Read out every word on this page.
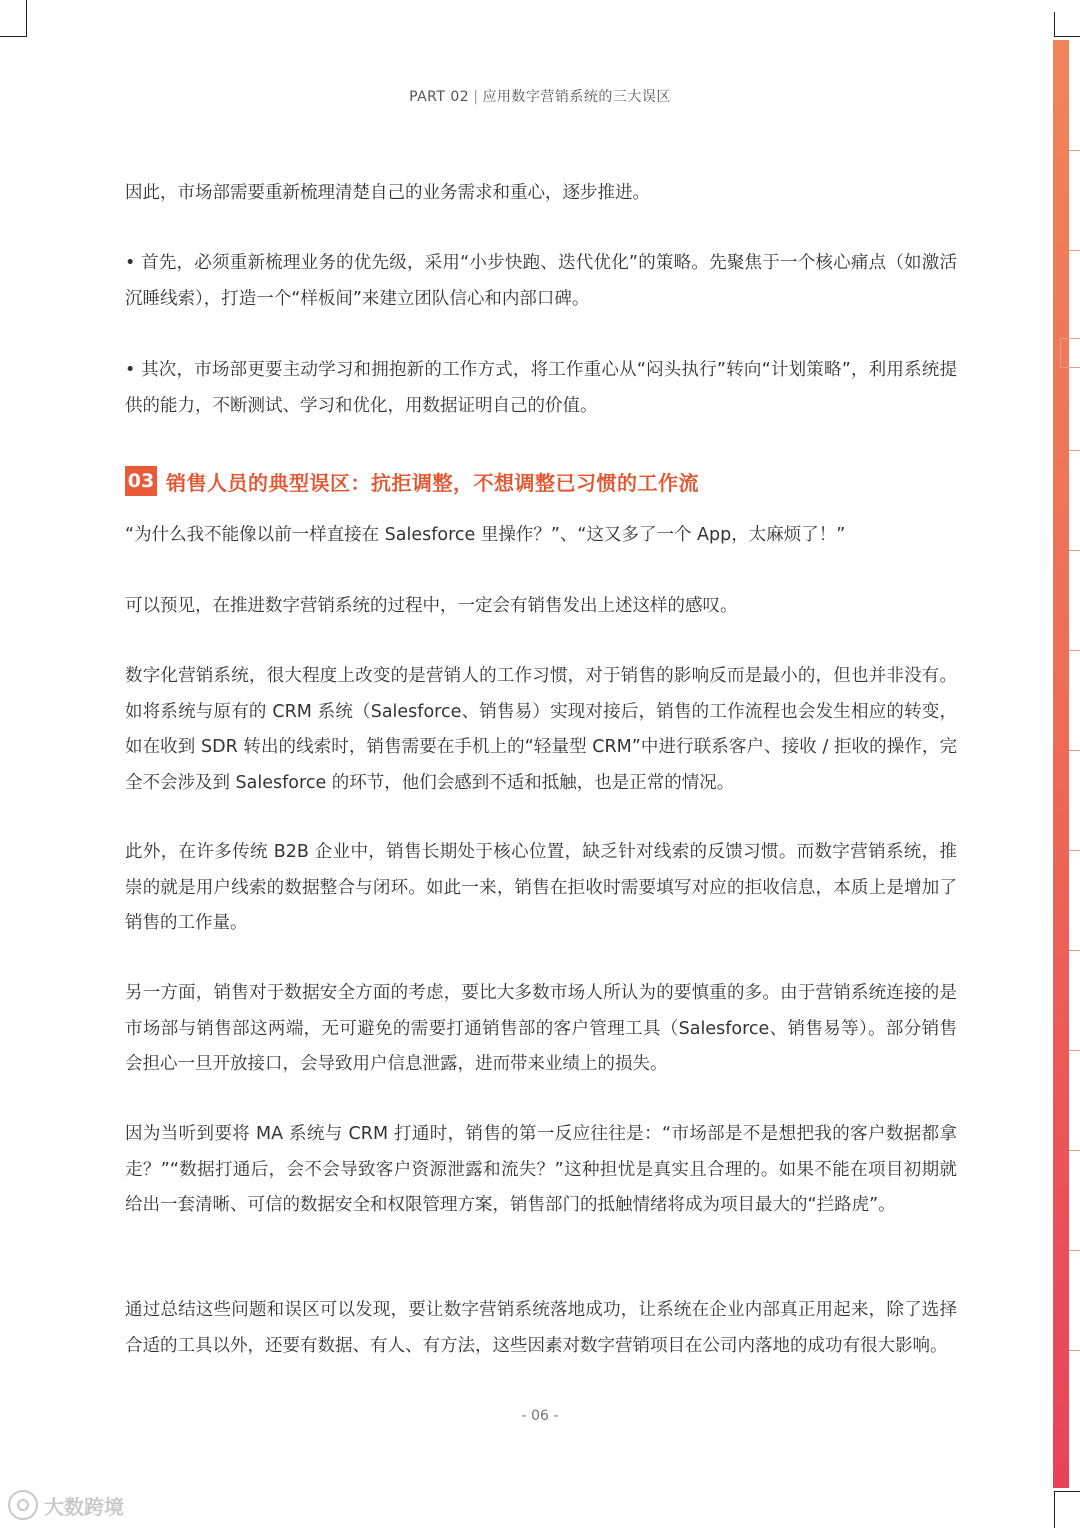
PART 02 | 应用数字营销系统的三大误区
因此，市场部需要重新梳理清楚自己的业务需求和重心，逐步推进。
• 首先，必须重新梳理业务的优先级，采用“小步快跑、迭代优化”的策略。先聚焦于一个核心痛点（如激活沉睡线索），打造一个“样板间”来建立团队信心和内部口碑。
• 其次，市场部更要主动学习和拥抱新的工作方式，将工作重心从“闷头执行”转向“计划策略”，利用系统提供的能力，不断测试、学习和优化，用数据证明自己的价值。
03 销售人员的典型误区：抗拒调整，不想调整已习惯的工作流
“为什么我不能像以前一样直接在 Salesforce 里操作？”、“这又多了一个 App，太麻烦了！”
可以预见，在推进数字营销系统的过程中，一定会有销售发出上述这样的感叹。
数字化营销系统，很大程度上改变的是营销人的工作习惯，对于销售的影响反而是最小的，但也并非没有。如将系统与原有的 CRM 系统（Salesforce、销售易）实现对接后，销售的工作流程也会发生相应的转变，如在收到 SDR 转出的线索时，销售需要在手机上的“轻量型 CRM”中进行联系客户、接收 / 拒收的操作，完全不会涉及到 Salesforce 的环节，他们会感到不适和抵触，也是正常的情况。
此外，在许多传统 B2B 企业中，销售长期处于核心位置，缺乏针对线索的反馈习惯。而数字营销系统，推崇的就是用户线索的数据整合与闭环。如此一来，销售在拒收时需要填写对应的拒收信息，本质上是增加了销售的工作量。
另一方面，销售对于数据安全方面的考虑，要比大多数市场人所认为的要慎重的多。由于营销系统连接的是市场部与销售部这两端，无可避免的需要打通销售部的客户管理工具（Salesforce、销售易等）。部分销售会担心一旦开放接口，会导致用户信息泄露，进而带来业绩上的损失。
因为当听到要将 MA 系统与 CRM 打通时，销售的第一反应往往是：“市场部是不是想把我的客户数据都拿走？”“数据打通后，会不会导致客户资源泄露和流失？”这种担忧是真实且合理的。如果不能在项目初期就给出一套清晰、可信的数据安全和权限管理方案，销售部门的抵触情绪将成为项目最大的“拦路虎”。
通过总结这些问题和误区可以发现，要让数字营销系统落地成功，让系统在企业内部真正用起来，除了选择合适的工具以外，还要有数据、有人、有方法，这些因素对数字营销项目在公司内落地的成功有很大影响。
- 06 -
大数跨境
